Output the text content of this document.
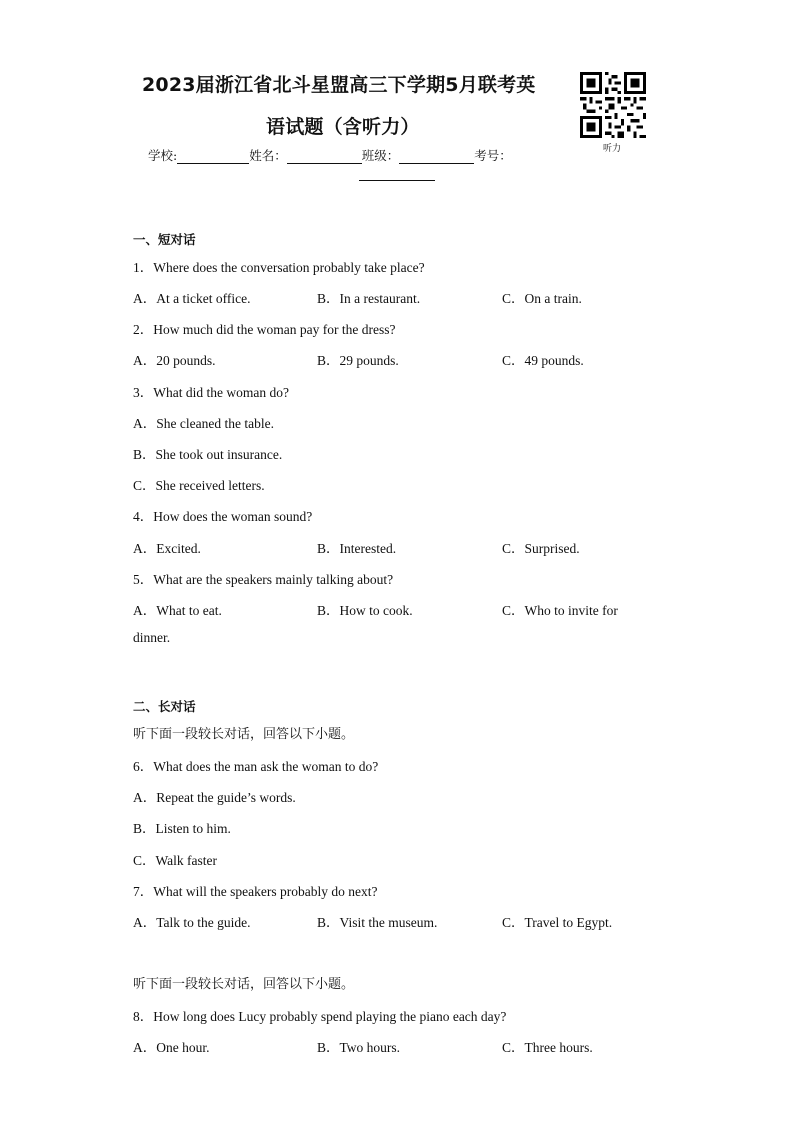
2023届浙江省北斗星盟高三下学期5月联考英
语试题（含听力）
听力
学校:	姓名：	班级：	考号：
一、短对话
1．Where does the conversation probably take place?
A．At a ticket office.	B．In a restaurant.	C．On a train.
2．How much did the woman pay for the dress?
A．20 pounds.	B．29 pounds.	C．49 pounds.
3．What did the woman do?
A．She cleaned the table.
B．She took out insurance.
C．She received letters.
4．How does the woman sound?
A．Excited.	B．Interested.	C．Surprised.
5．What are the speakers mainly talking about?
A．What to eat.	B．How to cook.	C．Who to invite for
dinner.
二、长对话
听下面一段较长对话，回答以下小题。
6．What does the man ask the woman to do?
A．Repeat the guide’s words.
B．Listen to him.
C．Walk faster
7．What will the speakers probably do next?
A．Talk to the guide.	B．Visit the museum.	C．Travel to Egypt.
听下面一段较长对话，回答以下小题。
8．How long does Lucy probably spend playing the piano each day?
A．One hour.	B．Two hours.	C．Three hours.
